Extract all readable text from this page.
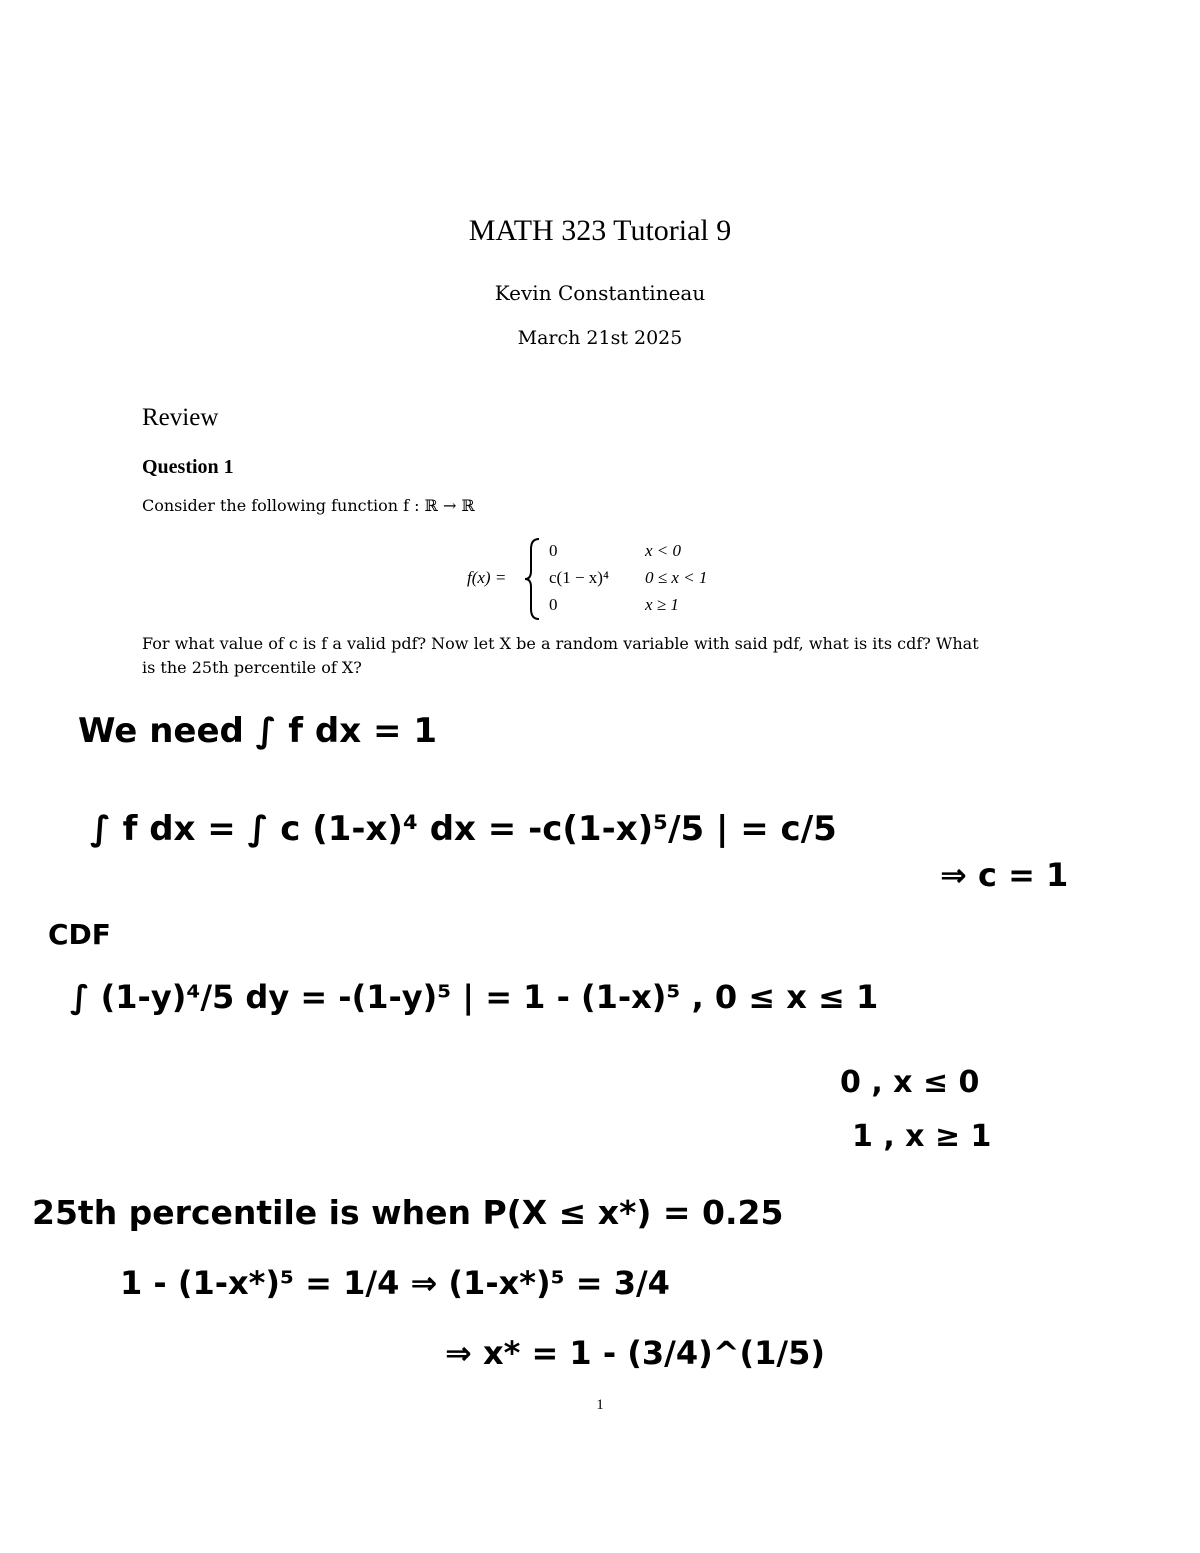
MATH 323 Tutorial 9
Kevin Constantineau
March 21st 2025
Review
Question 1
Consider the following function f : ℝ → ℝ
f(x) =
0	x < 0
c(1 − x)⁴ 0 ≤ x < 1
0	x ≥ 1
For what value of c is f a valid pdf? Now let X be a random variable with said pdf, what is its cdf? What
is the 25th percentile of X?
We need ∫ f dx = 1
∫ f dx = ∫ c (1-x)⁴ dx = -c(1-x)⁵/5 | = c/5
⇒ c = 1
CDF
∫ (1-y)⁴/5 dy = -(1-y)⁵ | = 1 - (1-x)⁵ , 0 ≤ x ≤ 1
0 , x ≤ 0
1 , x ≥ 1
25th percentile is when P(X ≤ x*) = 0.25
1 - (1-x*)⁵ = 1/4 ⇒ (1-x*)⁵ = 3/4
⇒ x* = 1 - (3/4)^(1/5)
1
